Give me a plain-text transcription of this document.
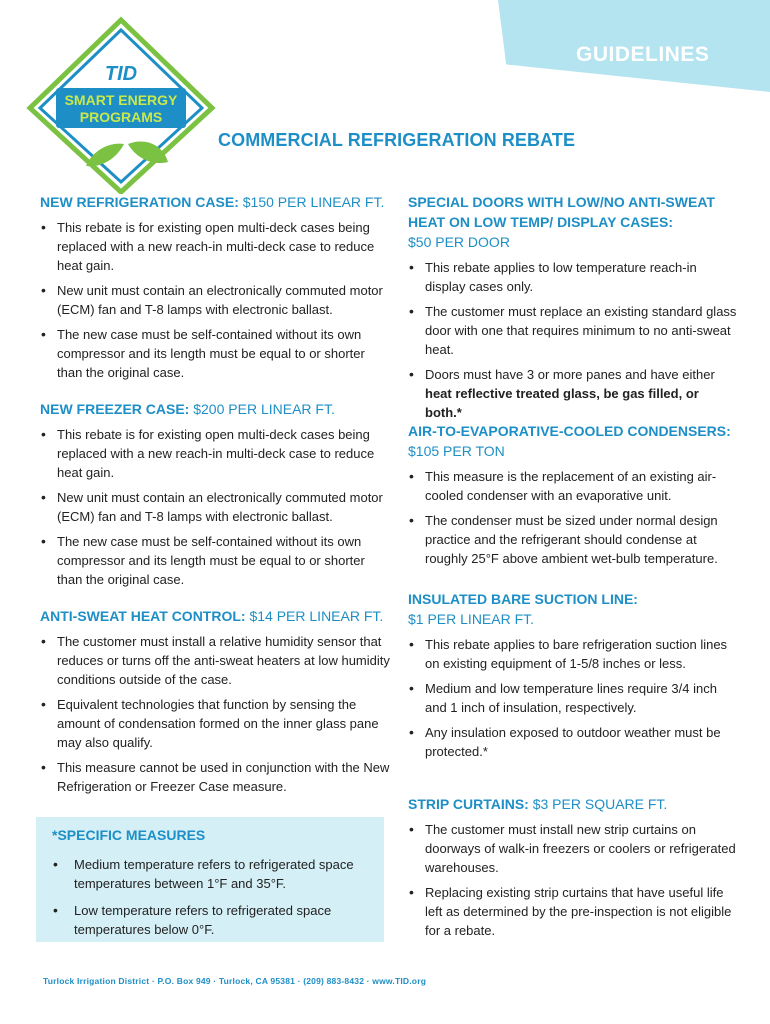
GUIDELINES
TID
SMART ENERGY
PROGRAMS
COMMERCIAL REFRIGERATION REBATE
NEW REFRIGERATION CASE: $150 PER LINEAR FT.
• This rebate is for existing open multi-deck cases being replaced with a new reach-in multi-deck case to reduce heat gain.
• New unit must contain an electronically commuted motor (ECM) fan and T-8 lamps with electronic ballast.
• The new case must be self-contained without its own compressor and its length must be equal to or shorter than the original case.
NEW FREEZER CASE: $200 PER LINEAR FT.
• This rebate is for existing open multi-deck cases being replaced with a new reach-in multi-deck case to reduce heat gain.
• New unit must contain an electronically commuted motor (ECM) fan and T-8 lamps with electronic ballast.
• The new case must be self-contained without its own compressor and its length must be equal to or shorter than the original case.
ANTI-SWEAT HEAT CONTROL: $14 PER LINEAR FT.
• The customer must install a relative humidity sensor that reduces or turns off the anti-sweat heaters at low humidity conditions outside of the case.
• Equivalent technologies that function by sensing the amount of condensation formed on the inner glass pane may also qualify.
• This measure cannot be used in conjunction with the New Refrigeration or Freezer Case measure.
*SPECIFIC MEASURES
• Medium temperature refers to refrigerated space temperatures between 1°F and 35°F.
• Low temperature refers to refrigerated space temperatures below 0°F.
SPECIAL DOORS WITH LOW/NO ANTI-SWEAT HEAT ON LOW TEMP/ DISPLAY CASES:
$50 PER DOOR
• This rebate applies to low temperature reach-in display cases only.
• The customer must replace an existing standard glass door with one that requires minimum to no anti-sweat heat.
• Doors must have 3 or more panes and have either heat reflective treated glass, be gas filled, or both.*
AIR-TO-EVAPORATIVE-COOLED CONDENSERS:
$105 PER TON
• This measure is the replacement of an existing air-cooled condenser with an evaporative unit.
• The condenser must be sized under normal design practice and the refrigerant should condense at roughly 25°F above ambient wet-bulb temperature.
INSULATED BARE SUCTION LINE:
$1 PER LINEAR FT.
• This rebate applies to bare refrigeration suction lines on existing equipment of 1-5/8 inches or less.
• Medium and low temperature lines require 3/4 inch and 1 inch of insulation, respectively.
• Any insulation exposed to outdoor weather must be protected.*
STRIP CURTAINS: $3 PER SQUARE FT.
• The customer must install new strip curtains on doorways of walk-in freezers or coolers or refrigerated warehouses.
• Replacing existing strip curtains that have useful life left as determined by the pre-inspection is not eligible for a rebate.
Turlock Irrigation District · P.O. Box 949 · Turlock, CA 95381 · (209) 883-8432 · www.TID.org
